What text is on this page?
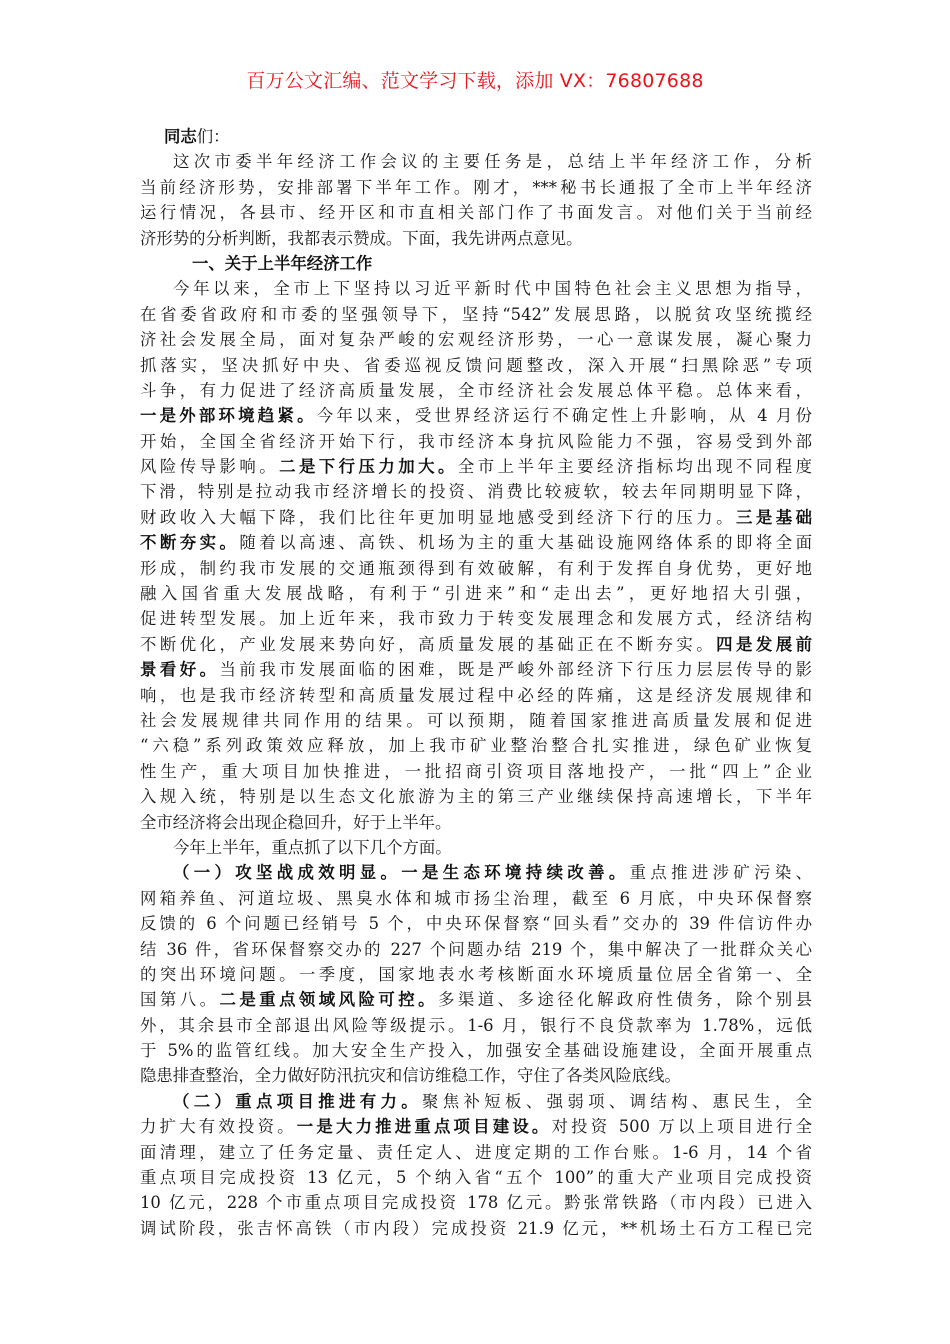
百万公文汇编、范文学习下载，添加 VX：76807688
同志们：
这次市委半年经济工作会议的主要任务是，总结上半年经济工作，分析
当前经济形势，安排部署下半年工作。刚才，***秘书长通报了全市上半年经济
运行情况，各县市、经开区和市直相关部门作了书面发言。对他们关于当前经
济形势的分析判断，我都表示赞成。下面，我先讲两点意见。
一、关于上半年经济工作
今年以来，全市上下坚持以习近平新时代中国特色社会主义思想为指导，
在省委省政府和市委的坚强领导下，坚持“542”发展思路，以脱贫攻坚统揽经
济社会发展全局，面对复杂严峻的宏观经济形势，一心一意谋发展，凝心聚力
抓落实，坚决抓好中央、省委巡视反馈问题整改，深入开展“扫黑除恶”专项
斗争，有力促进了经济高质量发展，全市经济社会发展总体平稳。总体来看，
一是外部环境趋紧。今年以来，受世界经济运行不确定性上升影响，从 4 月份
开始，全国全省经济开始下行，我市经济本身抗风险能力不强，容易受到外部
风险传导影响。二是下行压力加大。全市上半年主要经济指标均出现不同程度
下滑，特别是拉动我市经济增长的投资、消费比较疲软，较去年同期明显下降，
财政收入大幅下降，我们比往年更加明显地感受到经济下行的压力。三是基础
不断夯实。随着以高速、高铁、机场为主的重大基础设施网络体系的即将全面
形成，制约我市发展的交通瓶颈得到有效破解，有利于发挥自身优势，更好地
融入国省重大发展战略，有利于“引进来”和“走出去”，更好地招大引强，
促进转型发展。加上近年来，我市致力于转变发展理念和发展方式，经济结构
不断优化，产业发展来势向好，高质量发展的基础正在不断夯实。四是发展前
景看好。当前我市发展面临的困难，既是严峻外部经济下行压力层层传导的影
响，也是我市经济转型和高质量发展过程中必经的阵痛，这是经济发展规律和
社会发展规律共同作用的结果。可以预期，随着国家推进高质量发展和促进
“六稳”系列政策效应释放，加上我市矿业整治整合扎实推进，绿色矿业恢复
性生产，重大项目加快推进，一批招商引资项目落地投产，一批“四上”企业
入规入统，特别是以生态文化旅游为主的第三产业继续保持高速增长，下半年
全市经济将会出现企稳回升，好于上半年。
今年上半年，重点抓了以下几个方面。
（一）攻坚战成效明显。一是生态环境持续改善。重点推进涉矿污染、
网箱养鱼、河道垃圾、黑臭水体和城市扬尘治理，截至 6 月底，中央环保督察
反馈的 6 个问题已经销号 5 个，中央环保督察“回头看”交办的 39 件信访件办
结 36 件，省环保督察交办的 227 个问题办结 219 个，集中解决了一批群众关心
的突出环境问题。一季度，国家地表水考核断面水环境质量位居全省第一、全
国第八。二是重点领域风险可控。多渠道、多途径化解政府性债务，除个别县
外，其余县市全部退出风险等级提示。1-6 月，银行不良贷款率为 1.78%，远低
于 5%的监管红线。加大安全生产投入，加强安全基础设施建设，全面开展重点
隐患排查整治，全力做好防汛抗灾和信访维稳工作，守住了各类风险底线。
（二）重点项目推进有力。聚焦补短板、强弱项、调结构、惠民生，全
力扩大有效投资。一是大力推进重点项目建设。对投资 500 万以上项目进行全
面清理，建立了任务定量、责任定人、进度定期的工作台账。1-6 月，14 个省
重点项目完成投资 13 亿元，5 个纳入省“五个 100”的重大产业项目完成投资
10 亿元，228 个市重点项目完成投资 178 亿元。黔张常铁路（市内段）已进入
调试阶段，张吉怀高铁（市内段）完成投资 21.9 亿元，**机场土石方工程已完
